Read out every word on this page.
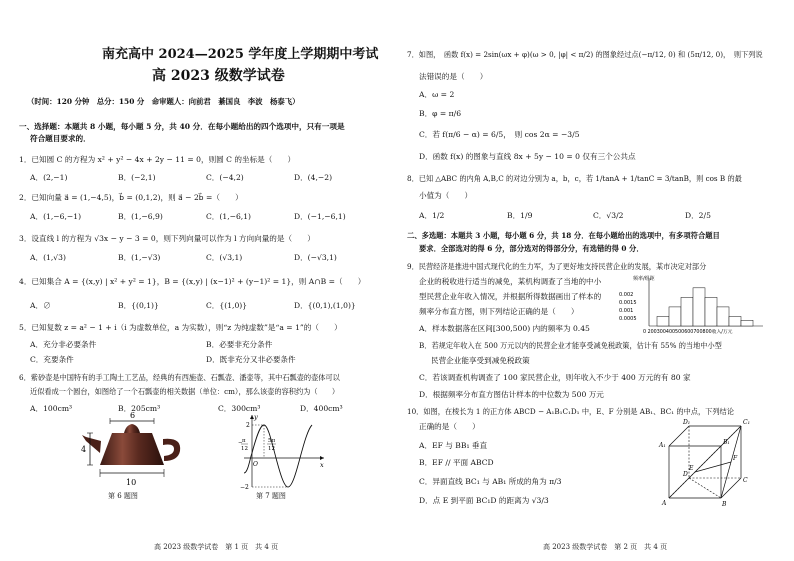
南充高中 2024—2025 学年度上学期期中考试
高 2023 级数学试卷
（时间：120 分钟　总分：150 分　命审题人：向前君　綦国良　李波　杨泰飞）
一、选择题：本题共 8 小题，每小题 5 分，共 40 分．在每小题给出的四个选项中，只有一项是
符合题目要求的．
1．已知圆 C 的方程为 x² + y² − 4x + 2y − 11 = 0，则圆 C 的坐标是（　　）
A．(2,−1)	B．(−2,1)	C．(−4,2)	D．(4,−2)
2．已知向量 a⃗ = (1,−4,5)，b⃗ = (0,1,2)，则 a⃗ − 2b⃗ =（　　）
A．(1,−6,−1)	B．(1,−6,9)	C．(1,−6,1)	D．(−1,−6,1)
3．设直线 l 的方程为 √3x − y − 3 = 0，则下列向量可以作为 l 方向向量的是（　　）
A．(1,√3)	B．(1,−√3)	C．(√3,1)	D．(−√3,1)
4．已知集合 A = {(x,y) | x² + y² = 1}，B = {(x,y) | (x−1)² + (y−1)² = 1}，则 A∩B =（　　）
A．∅	B．{(0,1)}	C．{(1,0)}	D．{(0,1),(1,0)}
5．已知复数 z = a² − 1 + i（i 为虚数单位，a 为实数），则“z 为纯虚数”是“a = 1”的（　　）
A．充分非必要条件	B．必要非充分条件
C．充要条件	D．既非充分又非必要条件
6．紫砂壶是中国特有的手工陶土工艺品，经典的有西施壶、石瓢壶、潘壶等，其中石瓢壶的壶体可以
近似看成一个圆台，如图给了一个石瓢壶的相关数据（单位：cm），那么该壶的容积约为（　　）
A．100cm³	B．205cm³	C．300cm³	D．400cm³
6
4
10
第 6 题图
y
x
O
2
−2
− π
12
5π
12
第 7 题图
高 2023 级数学试卷　第 1 页　共 4 页
7．如图，　函数 f(x) = 2sin(ωx + φ)(ω > 0, |φ| < π/2) 的图象经过点(−π/12, 0) 和 (5π/12, 0)，　则下列说
法错误的是（　　）
A．ω = 2
B．φ = π/6
C．若 f(π/6 − α) = 6/5，　则 cos 2α = −3/5
D．函数 f(x) 的图象与直线 8x + 5y − 10 = 0 仅有三个公共点
8．已知 △ABC 的内角 A,B,C 的对边分别为 a，b，c，若 1/tanA + 1/tanC = 3/tanB，则 cos B 的最
小值为（　　）
A．1/2	B．1/9	C．√3/2	D．2/5
二、多选题：本题共 3 小题，每小题 6 分，共 18 分．在每小题给出的选项中，有多项符合题目
要求．全部选对的得 6 分，部分选对的得部分分，有选错的得 0 分．
9．民营经济是推进中国式现代化的生力军，为了更好地支持民营企业的发展，某市决定对部分
企业的税收进行适当的减免，某机构调查了当地的中小
型民营企业年收入情况，并根据所得数据画出了样本的
频率分布直方图，则下列结论正确的是（　　）
频率/组距
0.002
0.0015
0.001
0.0005
0 200300400500600700800收入/万元
A．样本数据落在区间[300,500) 内的频率为 0.45
B．若规定年收入在 500 万元以内的民营企业才能享受减免税政策，估计有 55% 的当地中小型
民营企业能享受到减免税政策
C．若该调查机构调查了 100 家民营企业，则年收入不少于 400 万元的有 80 家
D．根据频率分布直方图估计样本的中位数为 500 万元
10．如图，在棱长为 1 的正方体 ABCD − A₁B₁C₁D₁ 中，E、F 分别是 AB₁、BC₁ 的中点，下列结论
正确的是（　　）
A．EF 与 BB₁ 垂直
B．EF // 平面 ABCD
C．异面直线 BC₁ 与 AB₁ 所成的角为 π/3
D．点 E 到平面 BC₁D 的距离为 √3/3
D₁	C₁
A₁	B₁
D
C
A	B
E
F
高 2023 级数学试卷　第 2 页　共 4 页
